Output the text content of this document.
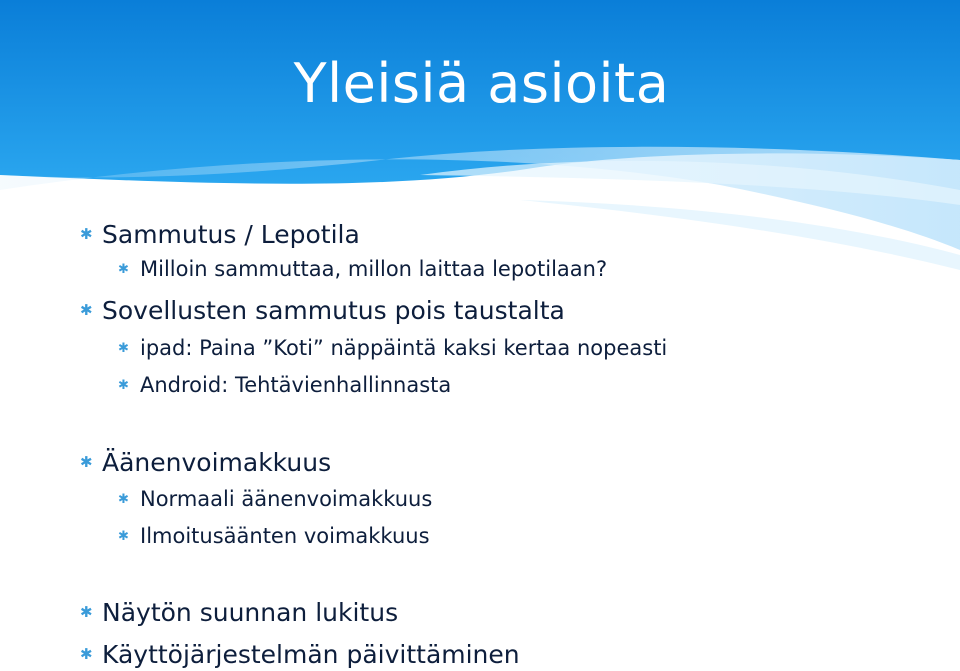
Yleisiä asioita
✱ Sammutus / Lepotila
✱ Milloin sammuttaa, millon laittaa lepotilaan?
✱ Sovellusten sammutus pois taustalta
✱ ipad: Paina ”Koti” näppäintä kaksi kertaa nopeasti
✱ Android: Tehtävienhallinnasta
✱ Äänenvoimakkuus
✱ Normaali äänenvoimakkuus
✱ Ilmoitusäänten voimakkuus
✱ Näytön suunnan lukitus
✱ Käyttöjärjestelmän päivittäminen
